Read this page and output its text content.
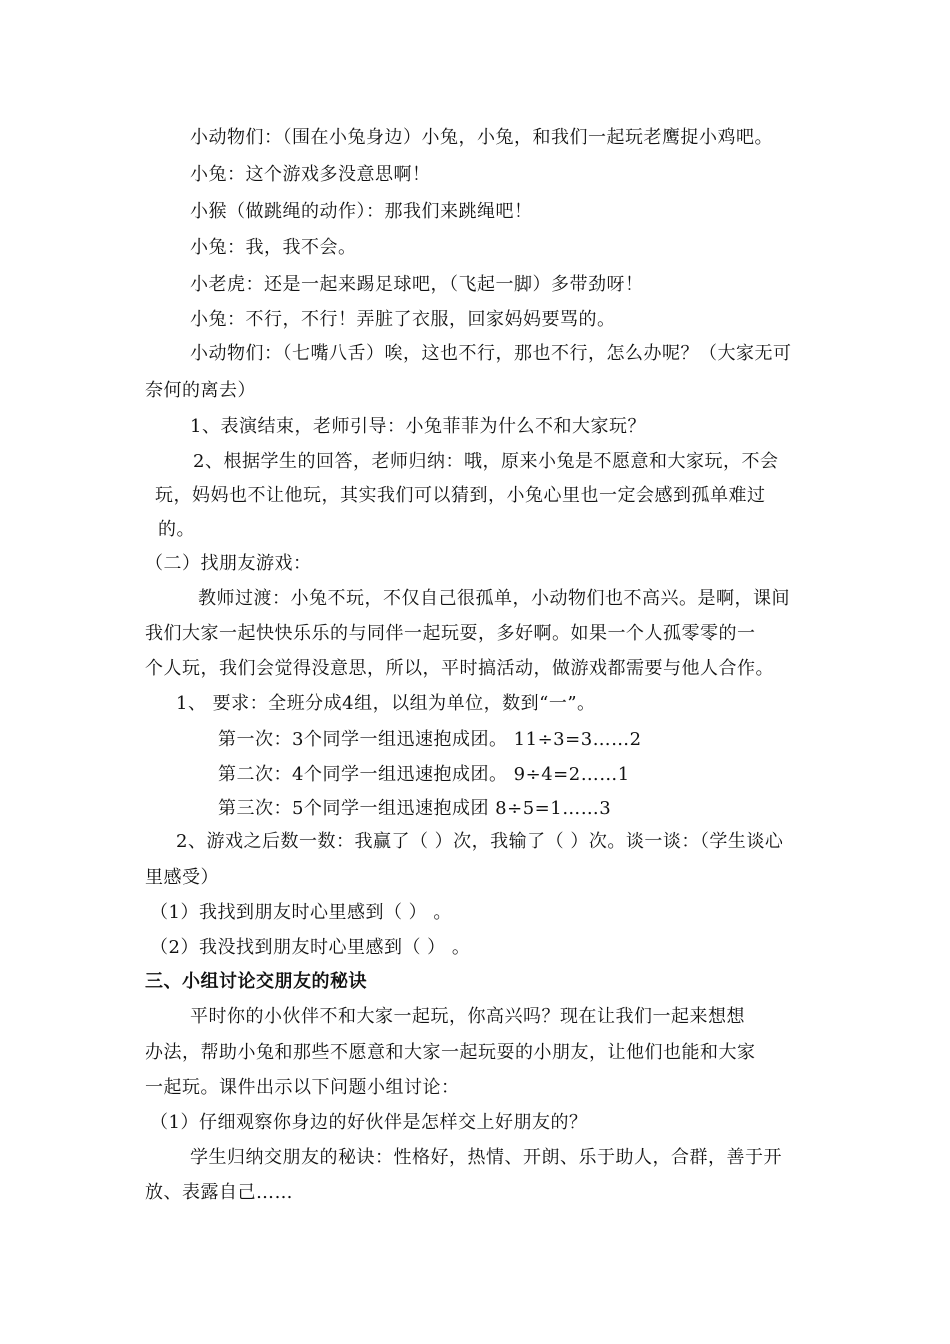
小动物们：（围在小兔身边）小兔，小兔，和我们一起玩老鹰捉小鸡吧。
小兔：这个游戏多没意思啊！
小猴（做跳绳的动作）：那我们来跳绳吧！
小兔：我，我不会。
小老虎：还是一起来踢足球吧，（飞起一脚）多带劲呀！
小兔：不行，不行！弄脏了衣服，回家妈妈要骂的。
小动物们：（七嘴八舌）唉，这也不行，那也不行，怎么办呢？（大家无可
奈何的离去）
1、表演结束，老师引导：小兔菲菲为什么不和大家玩？
2、根据学生的回答，老师归纳：哦，原来小兔是不愿意和大家玩，不会
玩，妈妈也不让他玩，其实我们可以猜到，小兔心里也一定会感到孤单难过
的。
（二）找朋友游戏：
教师过渡：小兔不玩，不仅自己很孤单，小动物们也不高兴。是啊，课间
我们大家一起快快乐乐的与同伴一起玩耍，多好啊。如果一个人孤零零的一
个人玩，我们会觉得没意思，所以，平时搞活动，做游戏都需要与他人合作。
1、 要求：全班分成4组，以组为单位，数到“一”。
第一次：3个同学一组迅速抱成团。 11÷3=3……2
第二次：4个同学一组迅速抱成团。 9÷4=2……1
第三次：5个同学一组迅速抱成团 8÷5=1……3
2、游戏之后数一数：我赢了（ ）次，我输了（ ）次。谈一谈：（学生谈心
里感受）
（1）我找到朋友时心里感到（ ） 。
（2）我没找到朋友时心里感到（ ） 。
三、小组讨论交朋友的秘诀
平时你的小伙伴不和大家一起玩，你高兴吗？现在让我们一起来想想
办法，帮助小兔和那些不愿意和大家一起玩耍的小朋友，让他们也能和大家
一起玩。课件出示以下问题小组讨论：
（1）仔细观察你身边的好伙伴是怎样交上好朋友的？
学生归纳交朋友的秘诀：性格好，热情、开朗、乐于助人，合群，善于开
放、表露自己……
